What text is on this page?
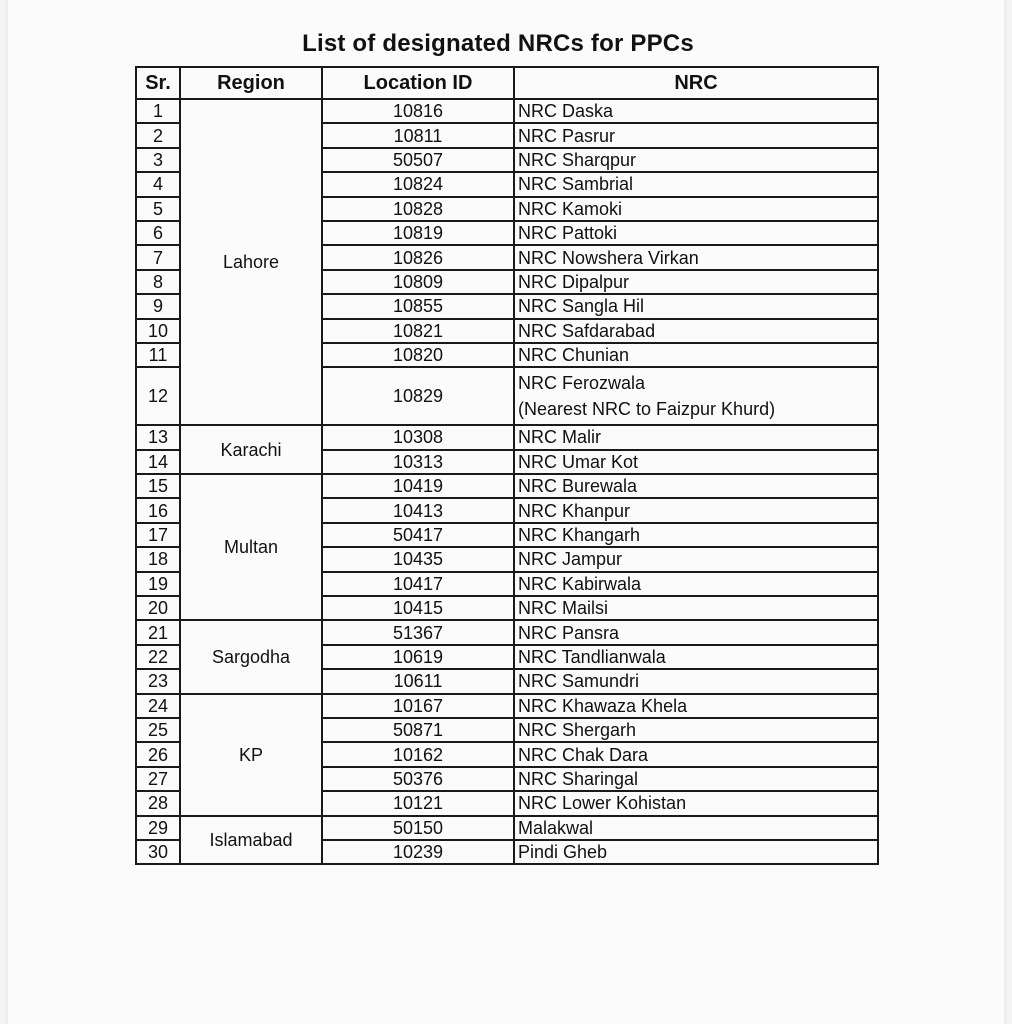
List of designated NRCs for PPCs
Sr.	Region	Location ID	NRC
1	Lahore	10816	NRC Daska
2		10811	NRC Pasrur
3		50507	NRC Sharqpur
4		10824	NRC Sambrial
5		10828	NRC Kamoki
6		10819	NRC Pattoki
7		10826	NRC Nowshera Virkan
8		10809	NRC Dipalpur
9		10855	NRC Sangla Hil
10		10821	NRC Safdarabad
11		10820	NRC Chunian
12		10829	NRC Ferozwala
(Nearest NRC to Faizpur Khurd)

13	Karachi	10308	NRC Malir
14		10313	NRC Umar Kot
15	Multan	10419	NRC Burewala
16		10413	NRC Khanpur
17		50417	NRC Khangarh
18		10435	NRC Jampur
19		10417	NRC Kabirwala
20		10415	NRC Mailsi
21	Sargodha	51367	NRC Pansra
22		10619	NRC Tandlianwala
23		10611	NRC Samundri
24	KP	10167	NRC Khawaza Khela
25		50871	NRC Shergarh
26		10162	NRC Chak Dara
27		50376	NRC Sharingal
28		10121	NRC Lower Kohistan
29	Islamabad	50150	Malakwal
30		10239	Pindi Gheb
